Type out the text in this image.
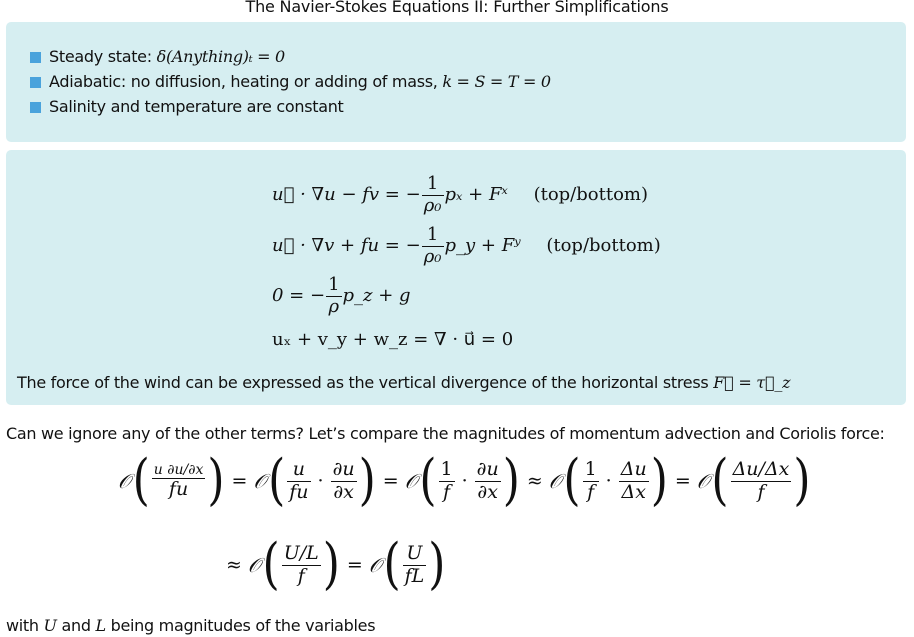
The Navier-Stokes Equations II: Further Simplifications
Steady state: δ(Anything)ₜ = 0
Adiabatic: no diffusion, heating or adding of mass, k = S = T = 0
Salinity and temperature are constant
u⃗ · ∇u − fv = − $\frac{1}{\text{ρ₀}}$ pₓ + Fˣ (top/bottom)
u⃗ · ∇v + fu = − $\frac{1}{\text{ρ₀}}$ p_y + Fʸ (top/bottom)
0 = − $\frac{1}{\rho}$ p_z + g
uₓ + v_y + w_z = ∇ · u⃗ = 0
The force of the wind can be expressed as the vertical divergence of the horizontal stress F⃗ = τ⃗_z
Can we ignore any of the other terms? Let’s compare the magnitudes of momentum advection and Coriolis force:
𝒪 ( $\frac{u \partial u/\partial x}{fu}$ ) = 𝒪 ( $\frac{u}{fu} \cdot \frac{\partial u}{\partial x}$ ) = 𝒪 ( $\frac{1}{f} \cdot \frac{\partial u}{\partial x}$ ) ≈ 𝒪 ( $\frac{1}{f} \cdot \frac{\Delta u}{\Delta x}$ ) = 𝒪 ( $\frac{\Delta u/\Delta x}{f}$ )
≈ 𝒪 ( $\frac{U/L}{f}$ ) = 𝒪 ( $\frac{U}{fL}$ )
with U and L being magnitudes of the variables
